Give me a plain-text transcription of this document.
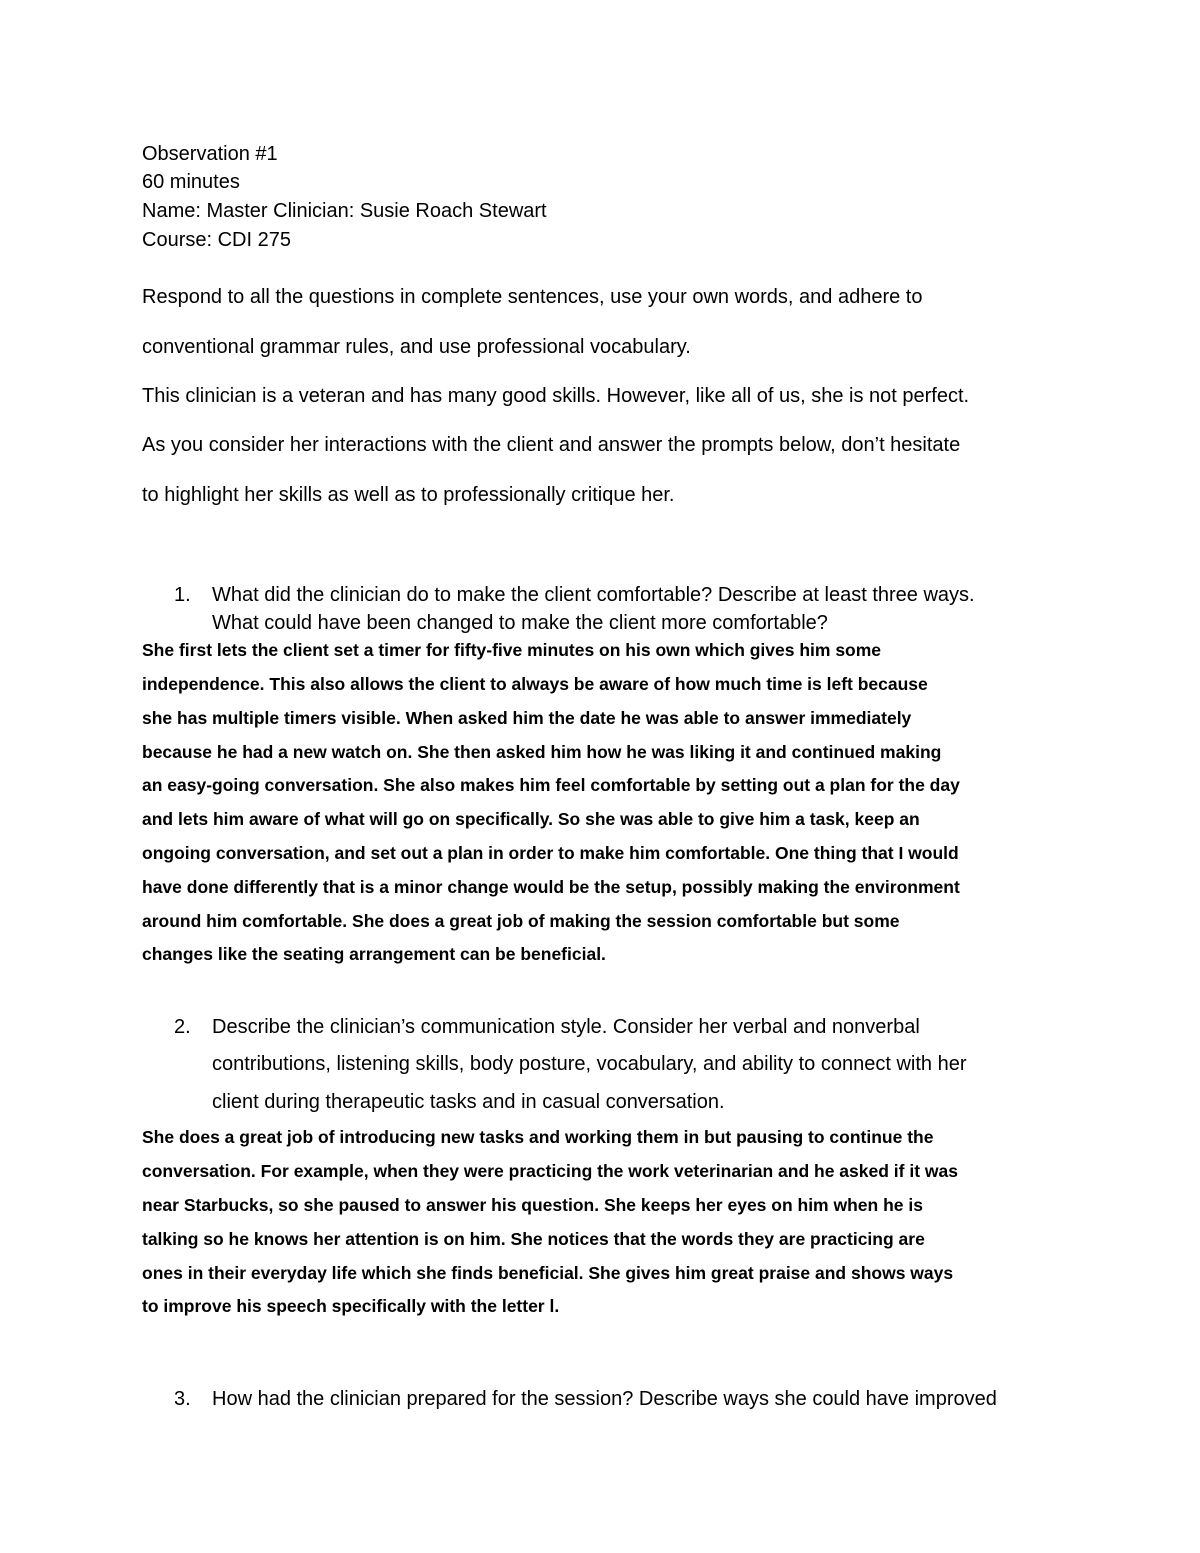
Observation #1
60 minutes
Name: Master Clinician: Susie Roach Stewart
Course: CDI 275
Respond to all the questions in complete sentences, use your own words, and adhere to
conventional grammar rules, and use professional vocabulary.
This clinician is a veteran and has many good skills. However, like all of us, she is not perfect.
As you consider her interactions with the client and answer the prompts below, don’t hesitate
to highlight her skills as well as to professionally critique her.
1. What did the clinician do to make the client comfortable? Describe at least three ways.
What could have been changed to make the client more comfortable?
She first lets the client set a timer for fifty-five minutes on his own which gives him some
independence. This also allows the client to always be aware of how much time is left because
she has multiple timers visible. When asked him the date he was able to answer immediately
because he had a new watch on. She then asked him how he was liking it and continued making
an easy-going conversation. She also makes him feel comfortable by setting out a plan for the day
and lets him aware of what will go on specifically. So she was able to give him a task, keep an
ongoing conversation, and set out a plan in order to make him comfortable. One thing that I would
have done differently that is a minor change would be the setup, possibly making the environment
around him comfortable. She does a great job of making the session comfortable but some
changes like the seating arrangement can be beneficial.
2. Describe the clinician’s communication style. Consider her verbal and nonverbal
contributions, listening skills, body posture, vocabulary, and ability to connect with her
client during therapeutic tasks and in casual conversation.
She does a great job of introducing new tasks and working them in but pausing to continue the
conversation. For example, when they were practicing the work veterinarian and he asked if it was
near Starbucks, so she paused to answer his question. She keeps her eyes on him when he is
talking so he knows her attention is on him. She notices that the words they are practicing are
ones in their everyday life which she finds beneficial. She gives him great praise and shows ways
to improve his speech specifically with the letter l.
3. How had the clinician prepared for the session? Describe ways she could have improved
